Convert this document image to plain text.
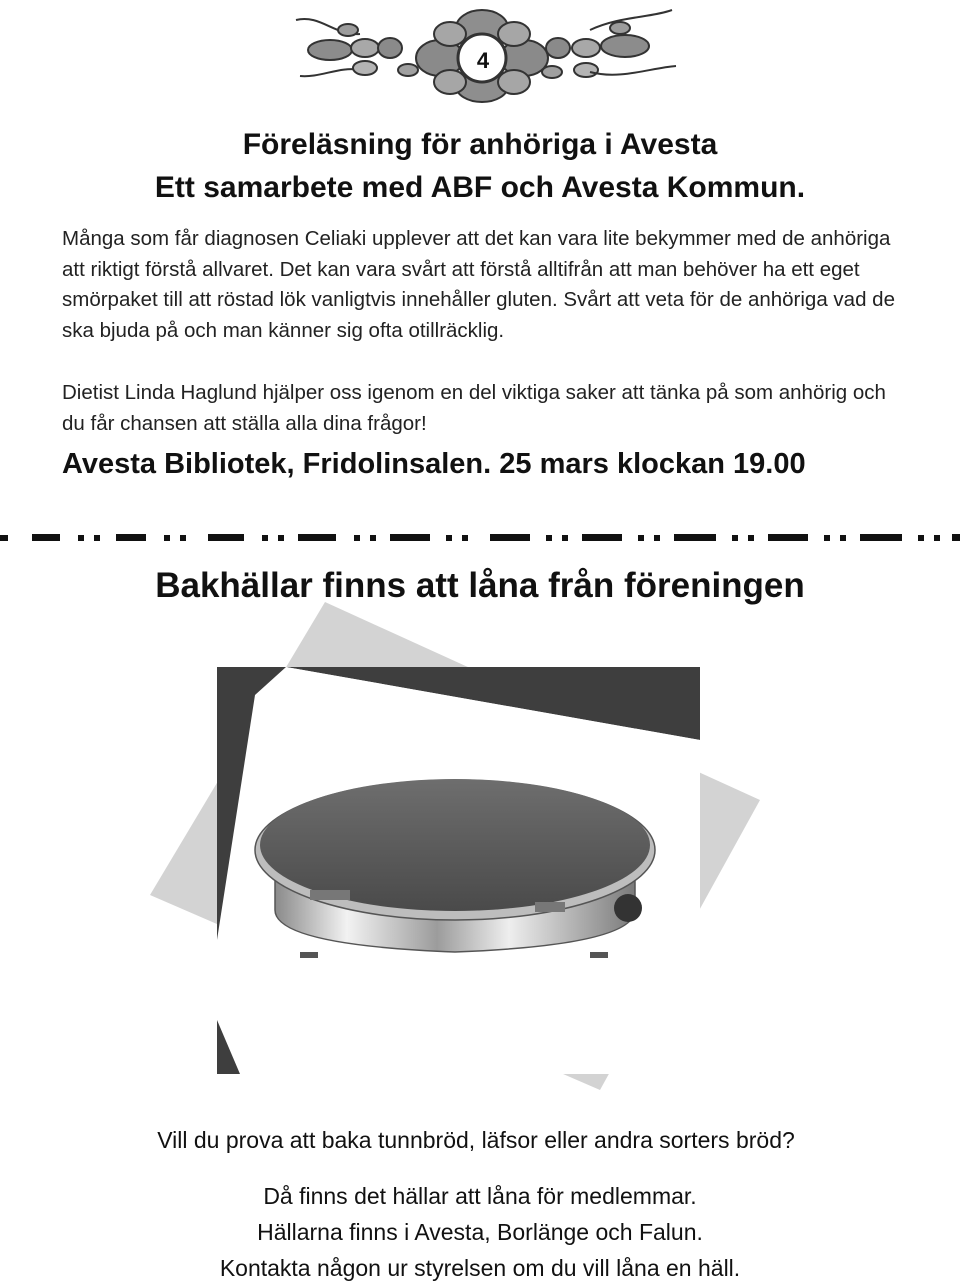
4
Föreläsning för anhöriga i Avesta
Ett samarbete med ABF och Avesta Kommun.
Många som får diagnosen Celiaki upplever att det kan vara lite bekymmer med de anhöriga att riktigt förstå allvaret. Det kan vara svårt att förstå alltifrån att man behöver ha ett eget smörpaket till att röstad lök vanligtvis innehåller gluten. Svårt att veta för de anhöriga vad de ska bjuda på och man känner sig ofta otillräcklig.
Dietist Linda Haglund hjälper oss igenom en del viktiga saker att tänka på som anhörig och du får chansen att ställa alla dina frågor!
Avesta Bibliotek, Fridolinsalen. 25 mars klockan 19.00
Bakhällar finns att låna från föreningen
Vill du prova att baka tunnbröd, läfsor eller andra sorters bröd?
Då finns det hällar att låna för medlemmar.
Hällarna finns i Avesta, Borlänge och Falun.
Kontakta någon ur styrelsen om du vill låna en häll.
